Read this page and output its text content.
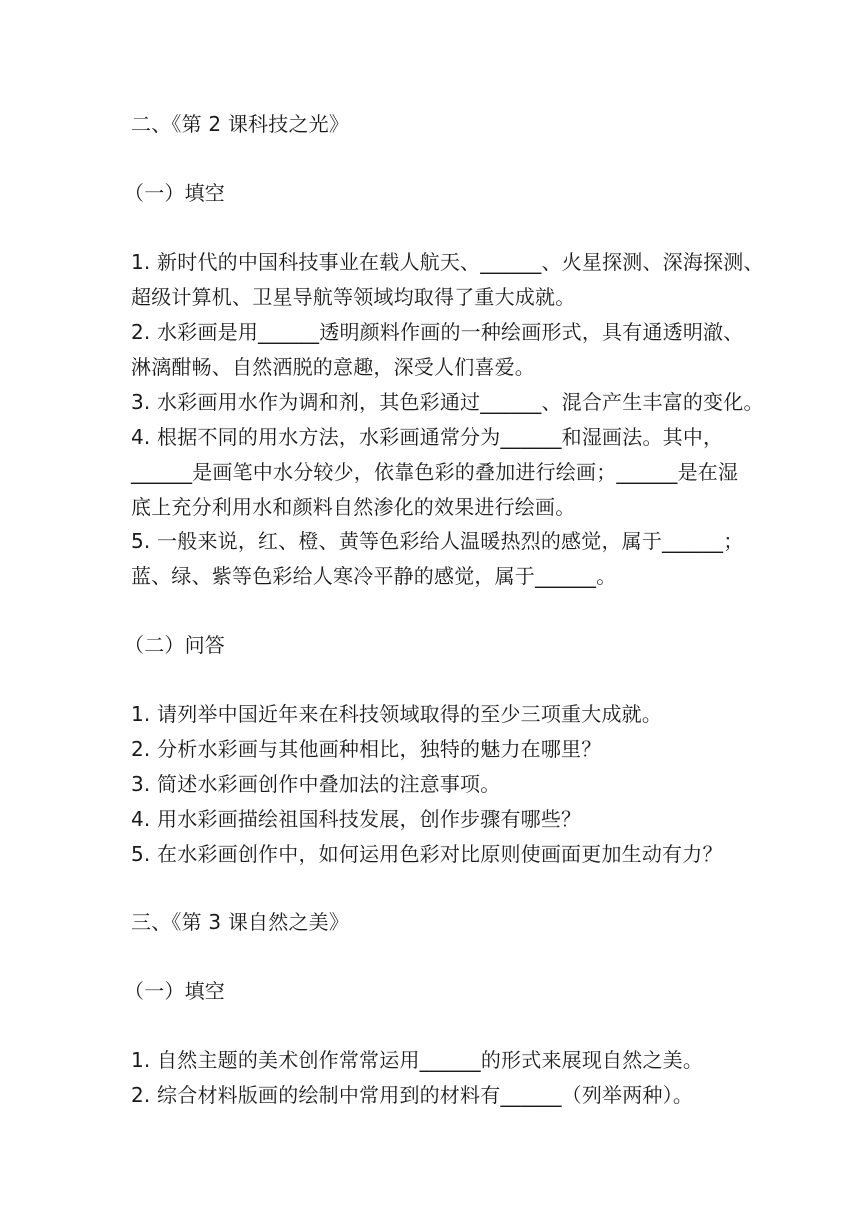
二、《第 2 课科技之光》
（一）填空
1. 新时代的中国科技事业在载人航天、______、火星探测、深海探测、
超级计算机、卫星导航等领域均取得了重大成就。
2. 水彩画是用______透明颜料作画的一种绘画形式，具有通透明澈、
淋漓酣畅、自然洒脱的意趣，深受人们喜爱。
3. 水彩画用水作为调和剂，其色彩通过______、混合产生丰富的变化。
4. 根据不同的用水方法，水彩画通常分为______和湿画法。其中，
______是画笔中水分较少，依靠色彩的叠加进行绘画；______是在湿
底上充分利用水和颜料自然渗化的效果进行绘画。
5. 一般来说，红、橙、黄等色彩给人温暖热烈的感觉，属于______；
蓝、绿、紫等色彩给人寒冷平静的感觉，属于______。
（二）问答
1. 请列举中国近年来在科技领域取得的至少三项重大成就。
2. 分析水彩画与其他画种相比，独特的魅力在哪里？
3. 简述水彩画创作中叠加法的注意事项。
4. 用水彩画描绘祖国科技发展，创作步骤有哪些？
5. 在水彩画创作中，如何运用色彩对比原则使画面更加生动有力？
三、《第 3 课自然之美》
（一）填空
1. 自然主题的美术创作常常运用______的形式来展现自然之美。
2. 综合材料版画的绘制中常用到的材料有______（列举两种）。
